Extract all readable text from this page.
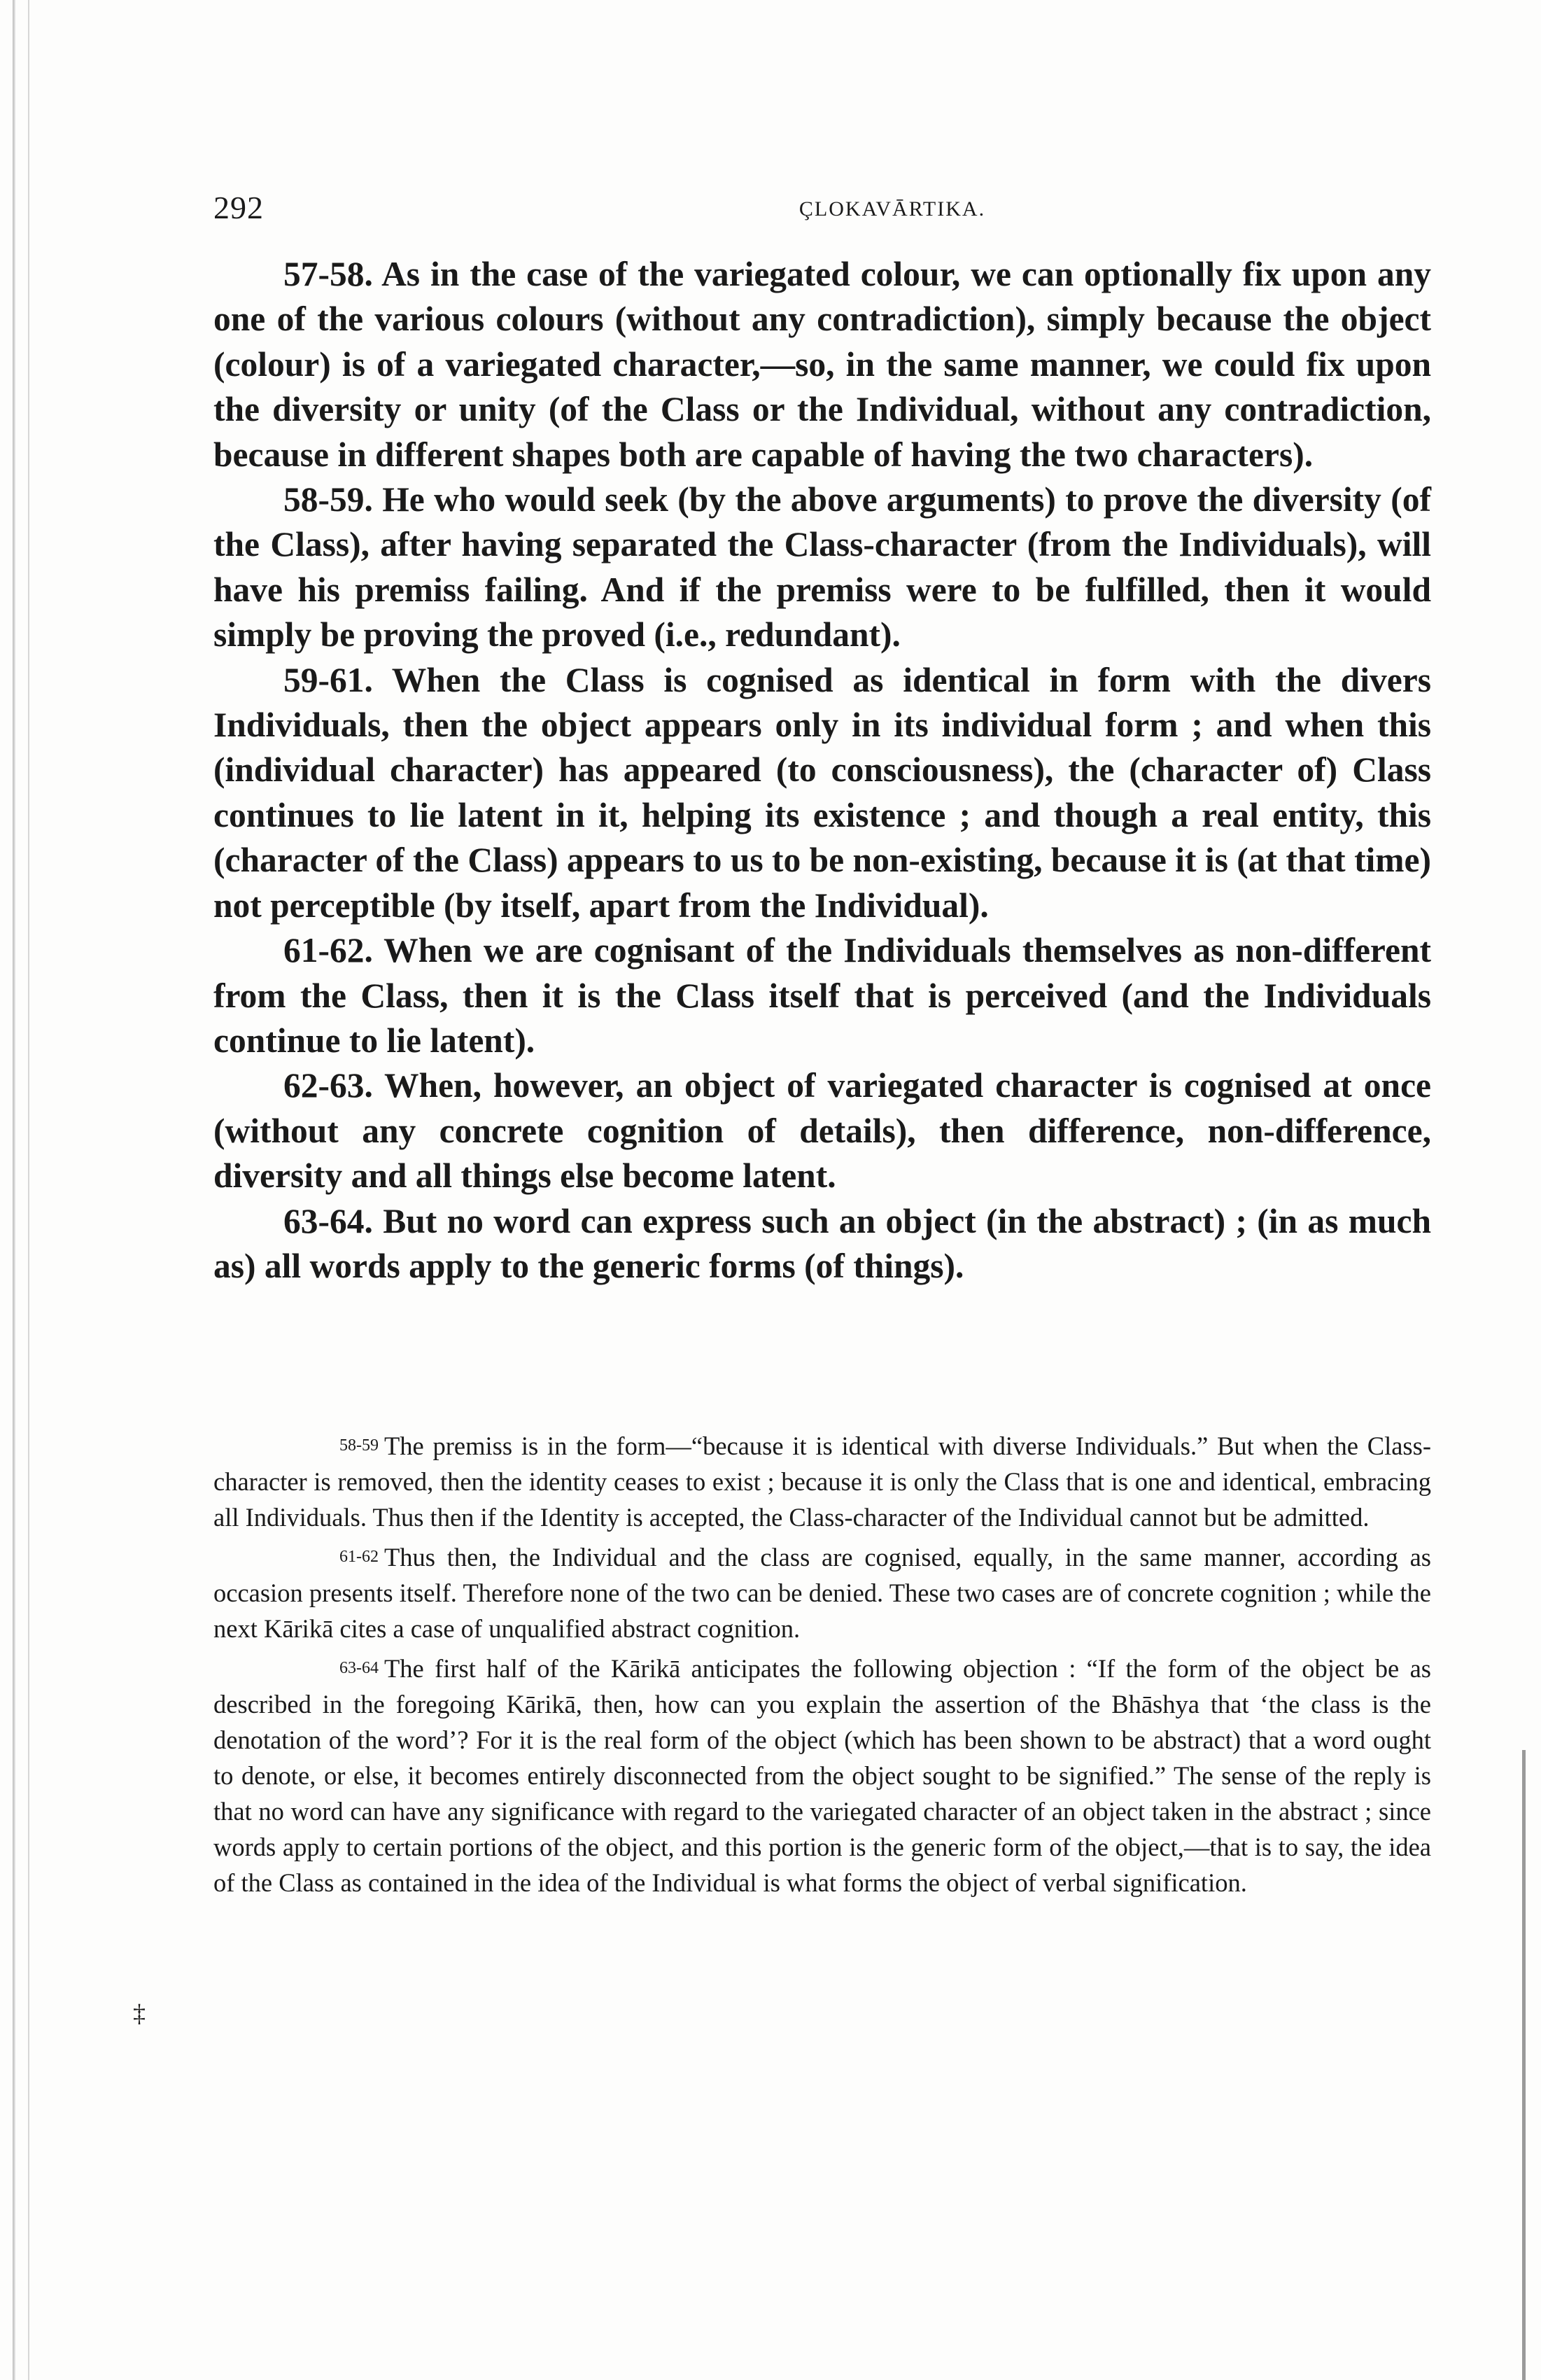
292	ÇLOKAVĀRTIKA.

57-58. As in the case of the variegated colour, we can optionally fix upon any one of the various colours (without any contradiction), simply because the object (colour) is of a variegated character,—so, in the same manner, we could fix upon the diversity or unity (of the Class or the Individual, without any contradiction, because in different shapes both are capable of having the two characters).

58-59. He who would seek (by the above arguments) to prove the diversity (of the Class), after having separated the Class-character (from the Individuals), will have his premiss failing. And if the premiss were to be fulfilled, then it would simply be proving the proved (i.e., redundant).

59-61. When the Class is cognised as identical in form with the divers Individuals, then the object appears only in its individual form ; and when this (individual character) has appeared (to consciousness), the (character of) Class continues to lie latent in it, helping its existence ; and though a real entity, this (character of the Class) appears to us to be non-existing, because it is (at that time) not perceptible (by itself, apart from the Individual).

61-62. When we are cognisant of the Individuals themselves as non-different from the Class, then it is the Class itself that is perceived (and the Individuals continue to lie latent).

62-63. When, however, an object of variegated character is cognised at once (without any concrete cognition of details), then difference, non-difference, diversity and all things else become latent.

63-64. But no word can express such an object (in the abstract) ; (in as much as) all words apply to the generic forms (of things).

58-59 The premiss is in the form—“because it is identical with diverse Individuals.” But when the Class-character is removed, then the identity ceases to exist ; because it is only the Class that is one and identical, embracing all Individuals. Thus then if the Identity is accepted, the Class-character of the Individual cannot but be admitted.

61-62 Thus then, the Individual and the class are cognised, equally, in the same manner, according as occasion presents itself. Therefore none of the two can be denied. These two cases are of concrete cognition ; while the next Kārikā cites a case of unqualified abstract cognition.

63-64 The first half of the Kārikā anticipates the following objection : “If the form of the object be as described in the foregoing Kārikā, then, how can you explain the assertion of the Bhāshya that ‘the class is the denotation of the word’? For it is the real form of the object (which has been shown to be abstract) that a word ought to denote, or else, it becomes entirely disconnected from the object sought to be signified.” The sense of the reply is that no word can have any significance with regard to the variegated character of an object taken in the abstract ; since words apply to certain portions of the object, and this portion is the generic form of the object,—that is to say, the idea of the Class as contained in the idea of the Individual is what forms the object of verbal signification.

‡
